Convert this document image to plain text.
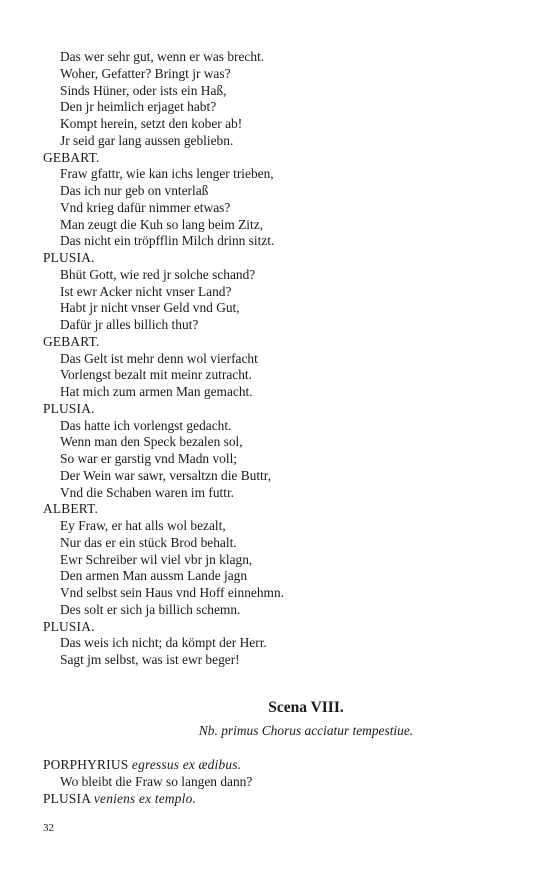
Das wer sehr gut, wenn er was brecht.
Woher, Gefatter? Bringt jr was?
Sinds Hüner, oder ists ein Haß,
Den jr heimlich erjaget habt?
Kompt herein, setzt den kober ab!
Jr seid gar lang aussen gebliebn.
GEBART.
Fraw gfattr, wie kan ichs lenger trieben,
Das ich nur geb on vnterlaß
Vnd krieg dafür nimmer etwas?
Man zeugt die Kuh so lang beim Zitz,
Das nicht ein tröpfflin Milch drinn sitzt.
PLUSIA.
Bhüt Gott, wie red jr solche schand?
Ist ewr Acker nicht vnser Land?
Habt jr nicht vnser Geld vnd Gut,
Dafür jr alles billich thut?
GEBART.
Das Gelt ist mehr denn wol vierfacht
Vorlengst bezalt mit meinr zutracht.
Hat mich zum armen Man gemacht.
PLUSIA.
Das hatte ich vorlengst gedacht.
Wenn man den Speck bezalen sol,
So war er garstig vnd Madn voll;
Der Wein war sawr, versaltzn die Buttr,
Vnd die Schaben waren im futtr.
ALBERT.
Ey Fraw, er hat alls wol bezalt,
Nur das er ein stück Brod behalt.
Ewr Schreiber wil viel vbr jn klagn,
Den armen Man aussm Lande jagn
Vnd selbst sein Haus vnd Hoff einnehmn.
Des solt er sich ja billich schemn.
PLUSIA.
Das weis ich nicht; da kömpt der Herr.
Sagt jm selbst, was ist ewr beger!
Scena VIII.
Nb. primus Chorus acciatur tempestiue.
PORPHYRIUS egressus ex ædibus.
Wo bleibt die Fraw so langen dann?
PLUSIA veniens ex templo.
32
